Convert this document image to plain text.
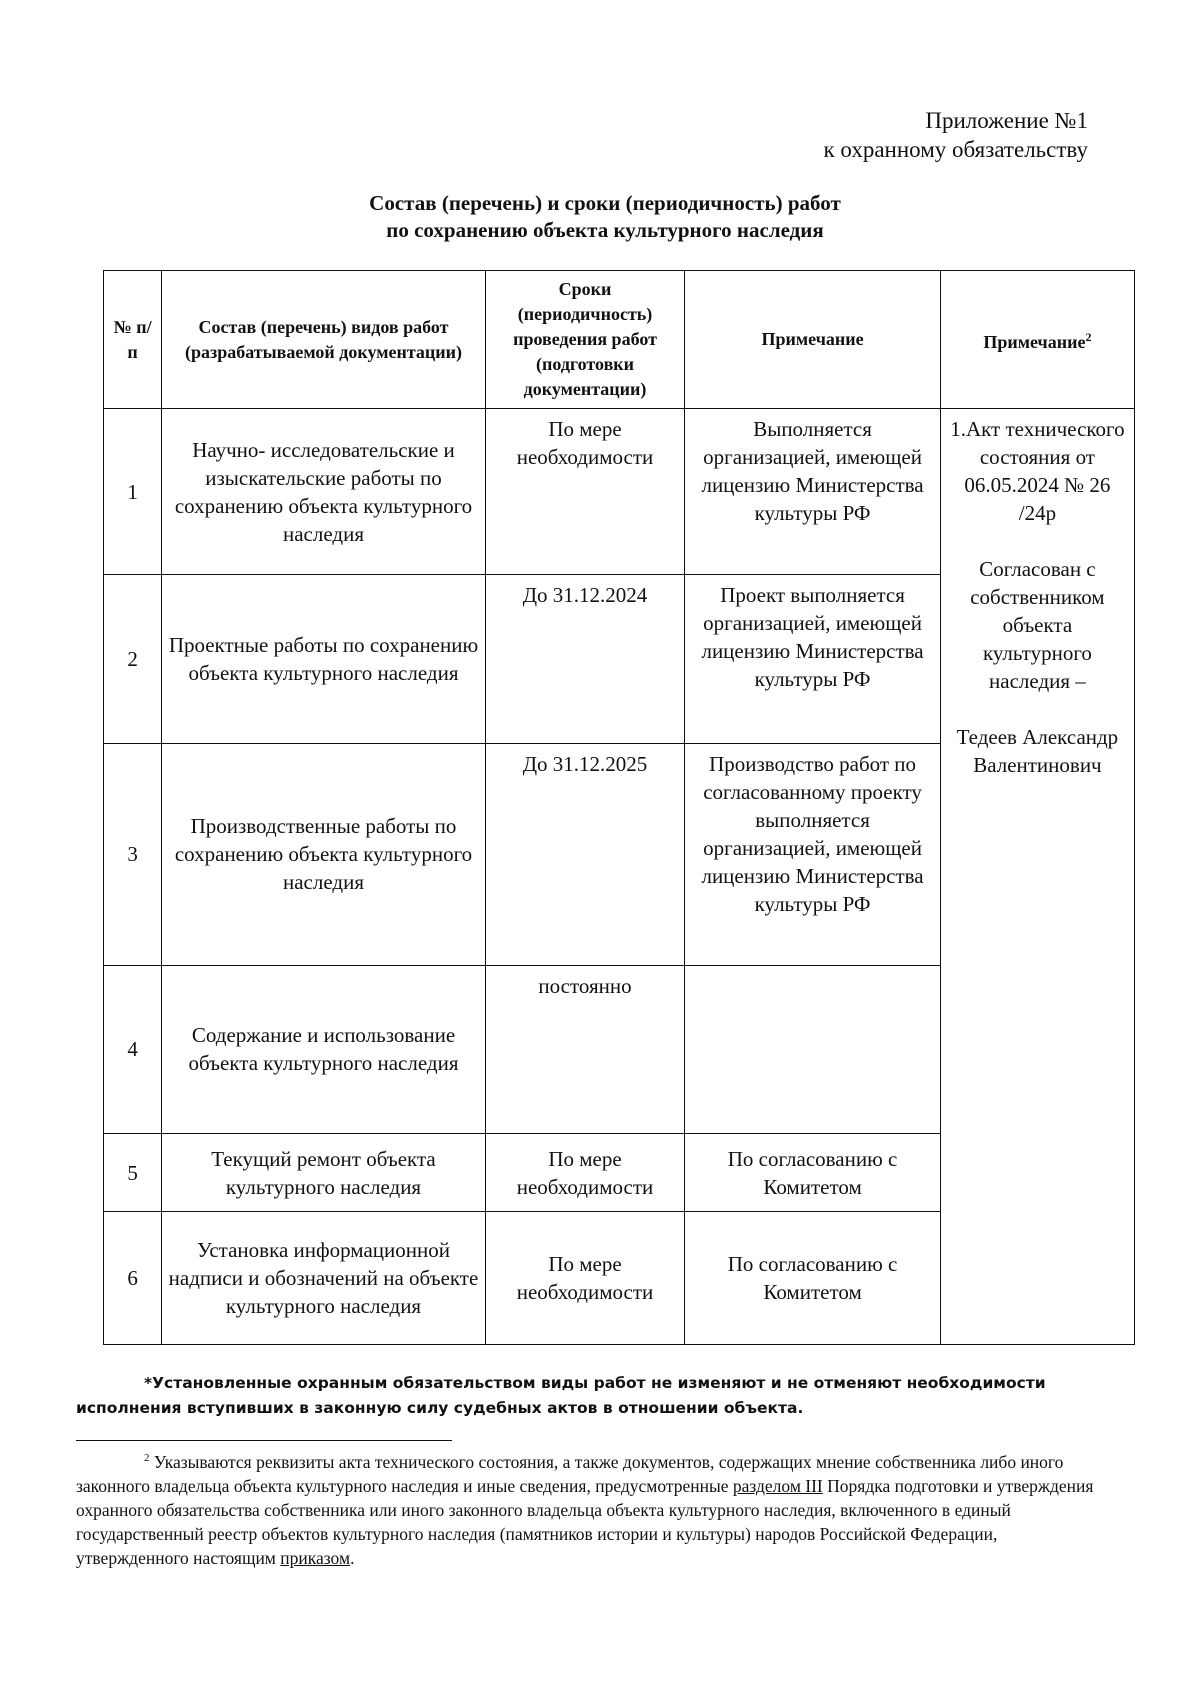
Приложение №1
к охранному обязательству
Состав (перечень) и сроки (периодичность) работ
по сохранению объекта культурного наследия
№ п/п	Состав (перечень) видов работ (разрабатываемой документации)	Сроки (периодичность) проведения работ (подготовки документации)	Примечание	Примечание$^2$
1	Научно- исследовательские и изыскательские работы по сохранению объекта культурного наследия	По мере необходимости	Выполняется организацией, имеющей лицензию Министерства культуры РФ	1.Акт технического состояния от 06.05.2024 № 26 /24р
Согласован с собственником объекта культурного наследия –
Тедеев Александр Валентинович

2	Проектные работы по сохранению объекта культурного наследия	До 31.12.2024	Проект выполняется организацией, имеющей лицензию Министерства культуры РФ	
3	Производственные работы по сохранению объекта культурного наследия	До 31.12.2025	Производство работ по согласованному проекту выполняется организацией, имеющей лицензию Министерства культуры РФ	
4	Содержание и использование объекта культурного наследия	постоянно		
5	Текущий ремонт объекта культурного наследия	По мере необходимости	По согласованию с Комитетом	
6	Установка информационной надписи и обозначений на объекте культурного наследия	По мере необходимости	По согласованию с Комитетом	
*Установленные охранным обязательством виды работ не изменяют и не отменяют необходимости исполнения вступивших в законную силу судебных актов в отношении объекта.
$^2$ Указываются реквизиты акта технического состояния, а также документов, содержащих мнение собственника либо иного законного владельца объекта культурного наследия и иные сведения, предусмотренные разделом III Порядка подготовки и утверждения охранного обязательства собственника или иного законного владельца объекта культурного наследия, включенного в единый государственный реестр объектов культурного наследия (памятников истории и культуры) народов Российской Федерации, утвержденного настоящим приказом.
